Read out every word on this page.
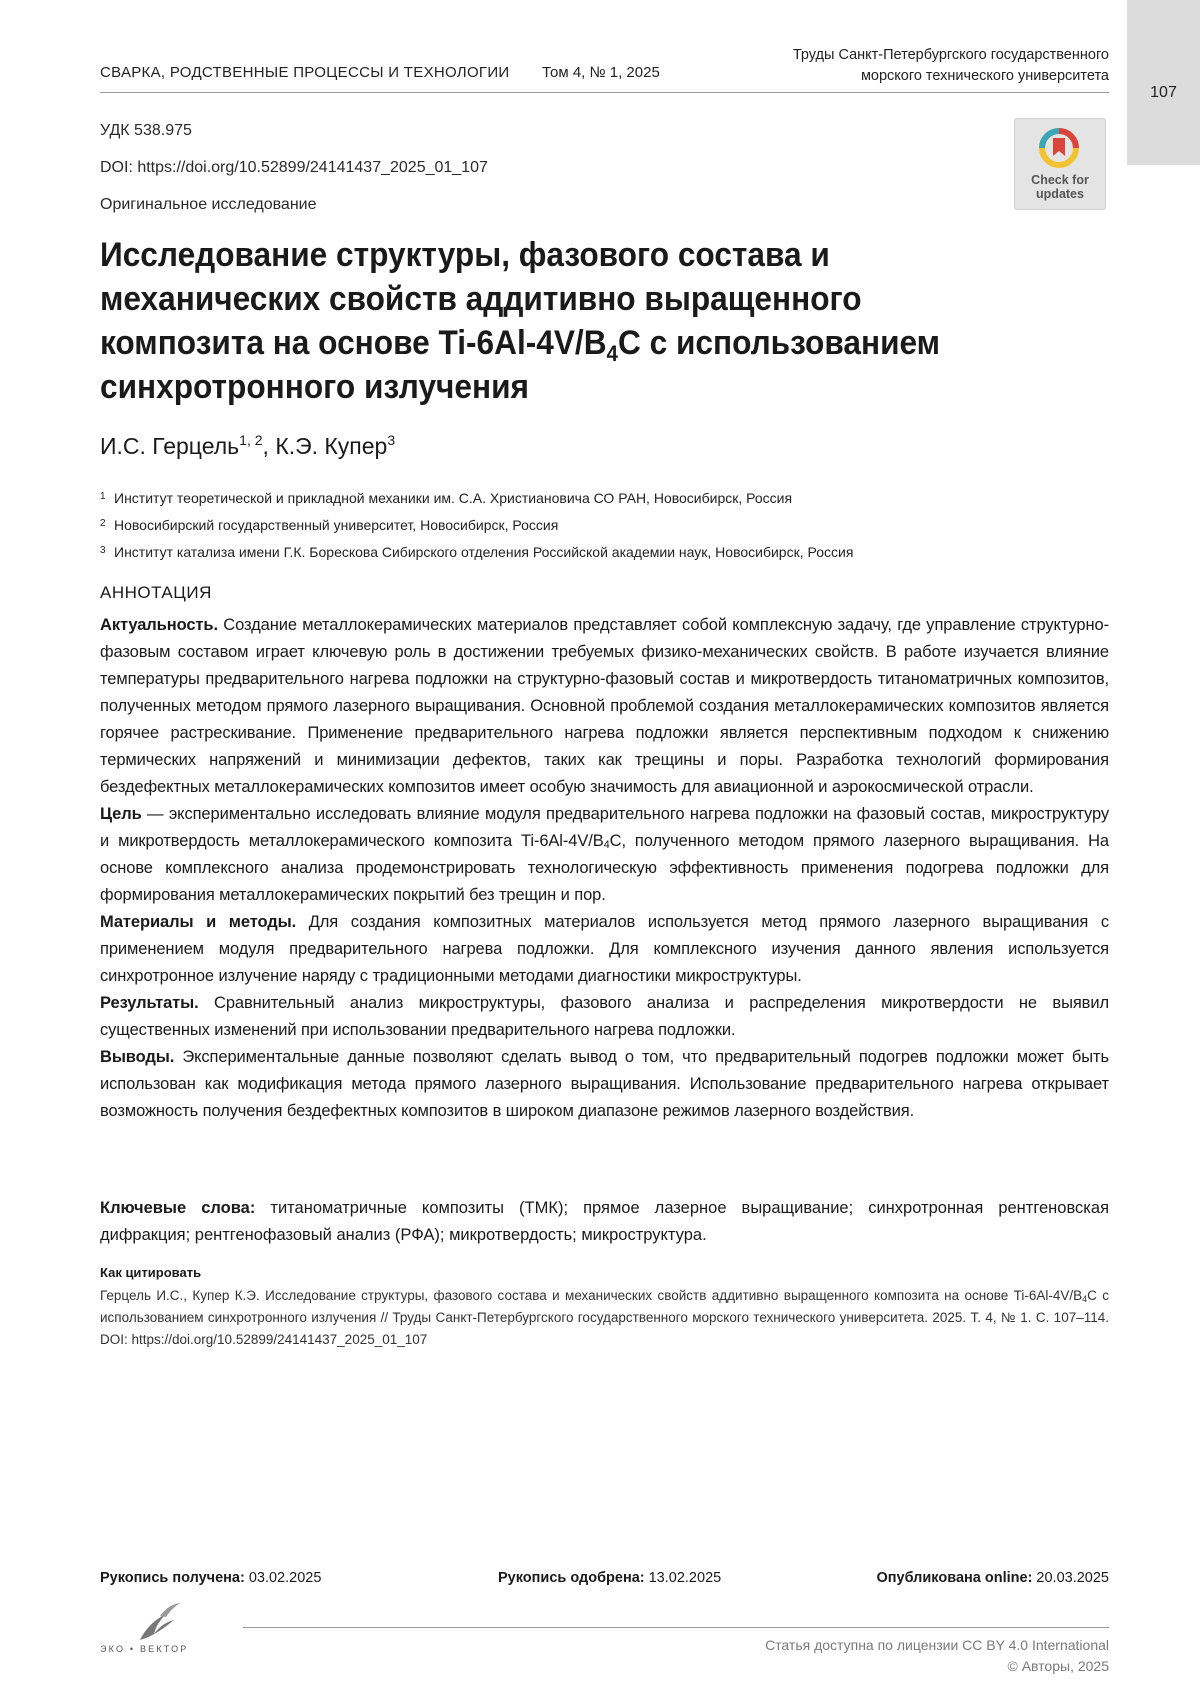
СВАРКА, РОДСТВЕННЫЕ ПРОЦЕССЫ И ТЕХНОЛОГИИ Том 4, № 1, 2025
Труды Санкт-Петербургского государственного
морского технического университета
107
УДК 538.975
DOI: https://doi.org/10.52899/24141437_2025_01_107
Оригинальное исследование
Check for
updates
Исследование структуры, фазового состава и
механических свойств аддитивно выращенного
композита на основе $Ti-6Al-4V/B_4C$ с использованием
синхротронного излучения
И.С. Герцель$^{1, 2}$, К.Э. Купер$^3$
$^1$ Институт теоретической и прикладной механики им. С.А. Христиановича СО РАН, Новосибирск, Россия
$^2$ Новосибирский государственный университет, Новосибирск, Россия
$^3$ Институт катализа имени Г.К. Борескова Сибирского отделения Российской академии наук, Новосибирск, Россия
АННОТАЦИЯ

Актуальность. Создание металлокерамических материалов представляет собой комплексную задачу, где управление структурно-фазовым составом играет ключевую роль в достижении требуемых физико-механических свойств. В работе изучается влияние температуры предварительного нагрева подложки на структурно-фазовый состав и микротвердость титаноматричных композитов, полученных методом прямого лазерного выращивания. Основной проблемой создания металлокерамических композитов является горячее растрескивание. Применение предварительного нагрева подложки является перспективным подходом к снижению термических напряжений и минимизации дефектов, таких как трещины и поры. Разработка технологий формирования бездефектных металлокерамических композитов имеет особую значимость для авиационной и аэрокосмической отрасли.

Цель — экспериментально исследовать влияние модуля предварительного нагрева подложки на фазовый состав, микроструктуру и микротвердость металлокерамического композита $Ti-6Al-4V/B_4C$, полученного методом прямого лазерного выращивания. На основе комплексного анализа продемонстрировать технологическую эффективность применения подогрева подложки для формирования металлокерамических покрытий без трещин и пор.

Материалы и методы. Для создания композитных материалов используется метод прямого лазерного выращивания с применением модуля предварительного нагрева подложки. Для комплексного изучения данного явления используется синхротронное излучение наряду с традиционными методами диагностики микроструктуры.

Результаты. Сравнительный анализ микроструктуры, фазового анализа и распределения микротвердости не выявил существенных изменений при использовании предварительного нагрева подложки.

Выводы. Экспериментальные данные позволяют сделать вывод о том, что предварительный подогрев подложки может быть использован как модификация метода прямого лазерного выращивания. Использование предварительного нагрева открывает возможность получения бездефектных композитов в широком диапазоне режимов лазерного воздействия.

Ключевые слова: титаноматричные композиты (ТМК); прямое лазерное выращивание; синхротронная рентгеновская дифракция; рентгенофазовый анализ (РФА); микротвердость; микроструктура.
Как цитировать
Герцель И.С., Купер К.Э. Исследование структуры, фазового состава и механических свойств аддитивно выращенного композита на основе $Ti-6Al-4V/B_4C$ с использованием синхротронного излучения // Труды Санкт-Петербургского государственного морского технического университета. 2025. Т. 4, № 1. С. 107–114. DOI: https://doi.org/10.52899/24141437_2025_01_107
Рукопись получена: 03.02.2025	Рукопись одобрена: 13.02.2025	Опубликована online: 20.03.2025
ЭКО • ВЕКТОР	Статья доступна по лицензии CC BY 4.0 International
© Авторы, 2025
